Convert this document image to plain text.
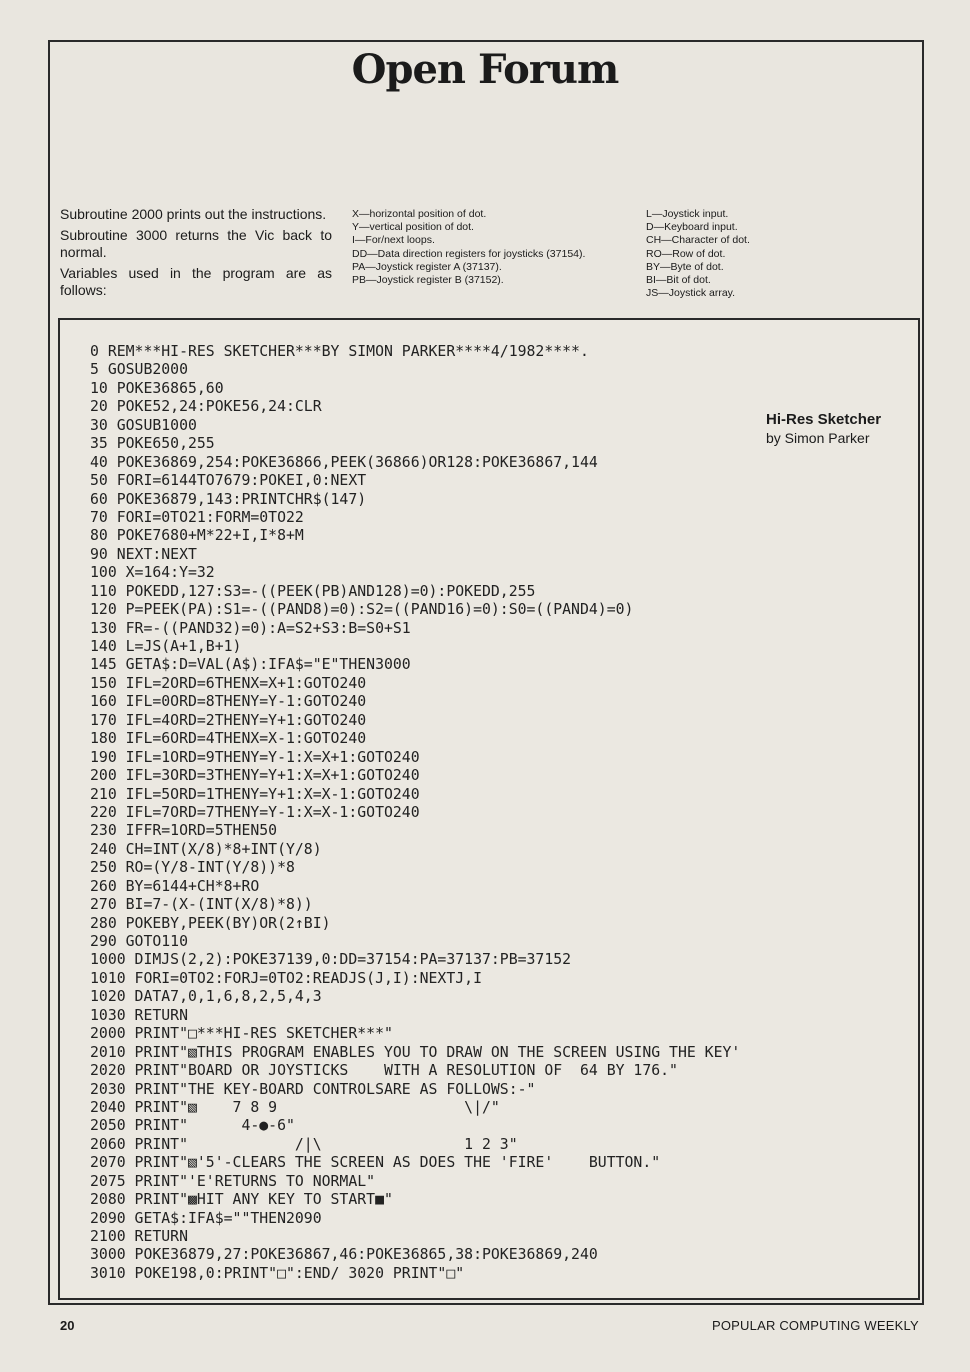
Open Forum

Subroutine 2000 prints out the instructions.

Subroutine 3000 returns the Vic back to normal.

Variables used in the program are as follows:

X—horizontal position of dot.
Y—vertical position of dot.
I—For/next loops.
DD—Data direction registers for joysticks (37154).
PA—Joystick register A (37137).
PB—Joystick register B (37152).
L—Joystick input.
D—Keyboard input.
CH—Character of dot.
RO—Row of dot.
BY—Byte of dot.
BI—Bit of dot.
JS—Joystick array.
0 REM***HI-RES SKETCHER***BY SIMON PARKER****4/1982****.
5 GOSUB2000
10 POKE36865,60
20 POKE52,24:POKE56,24:CLR
30 GOSUB1000
35 POKE650,255
40 POKE36869,254:POKE36866,PEEK(36866)OR128:POKE36867,144
50 FORI=6144TO7679:POKEI,0:NEXT
60 POKE36879,143:PRINTCHR$(147)
70 FORI=0TO21:FORM=0TO22
80 POKE7680+M*22+I,I*8+M
90 NEXT:NEXT
100 X=164:Y=32
110 POKEDD,127:S3=-((PEEK(PB)AND128)=0):POKEDD,255
120 P=PEEK(PA):S1=-((PAND8)=0):S2=((PAND16)=0):S0=((PAND4)=0)
130 FR=-((PAND32)=0):A=S2+S3:B=S0+S1
140 L=JS(A+1,B+1)
145 GETA$:D=VAL(A$):IFA$="E"THEN3000
150 IFL=2ORD=6THENX=X+1:GOTO240
160 IFL=0ORD=8THENY=Y-1:GOTO240
170 IFL=4ORD=2THENY=Y+1:GOTO240
180 IFL=6ORD=4THENX=X-1:GOTO240
190 IFL=1ORD=9THENY=Y-1:X=X+1:GOTO240
200 IFL=3ORD=3THENY=Y+1:X=X+1:GOTO240
210 IFL=5ORD=1THENY=Y+1:X=X-1:GOTO240
220 IFL=7ORD=7THENY=Y-1:X=X-1:GOTO240
230 IFFR=1ORD=5THEN50
240 CH=INT(X/8)*8+INT(Y/8)
250 RO=(Y/8-INT(Y/8))*8
260 BY=6144+CH*8+RO
270 BI=7-(X-(INT(X/8)*8))
280 POKEBY,PEEK(BY)OR(2↑BI)
290 GOTO110
1000 DIMJS(2,2):POKE37139,0:DD=37154:PA=37137:PB=37152
1010 FORI=0TO2:FORJ=0TO2:READJS(J,I):NEXTJ,I
1020 DATA7,0,1,6,8,2,5,4,3
1030 RETURN
2000 PRINT"□***HI-RES SKETCHER***"
2010 PRINT"▧THIS PROGRAM ENABLES YOU TO DRAW ON THE SCREEN USING THE KEY'
2020 PRINT"BOARD OR JOYSTICKS    WITH A RESOLUTION OF  64 BY 176."
2030 PRINT"THE KEY-BOARD CONTROLSARE AS FOLLOWS:-"
2040 PRINT"▧    7 8 9                     \|/"
2050 PRINT"      4-●-6"
2060 PRINT"            /|\                1 2 3"
2070 PRINT"▧'5'-CLEARS THE SCREEN AS DOES THE 'FIRE'    BUTTON."
2075 PRINT"'E'RETURNS TO NORMAL"
2080 PRINT"▩HIT ANY KEY TO START■"
2090 GETA$:IFA$=""THEN2090
2100 RETURN
3000 POKE36879,27:POKE36867,46:POKE36865,38:POKE36869,240
3010 POKE198,0:PRINT"□":END/ 3020 PRINT"□"
Hi-Res Sketcher
by Simon Parker
20	POPULAR COMPUTING WEEKLY
